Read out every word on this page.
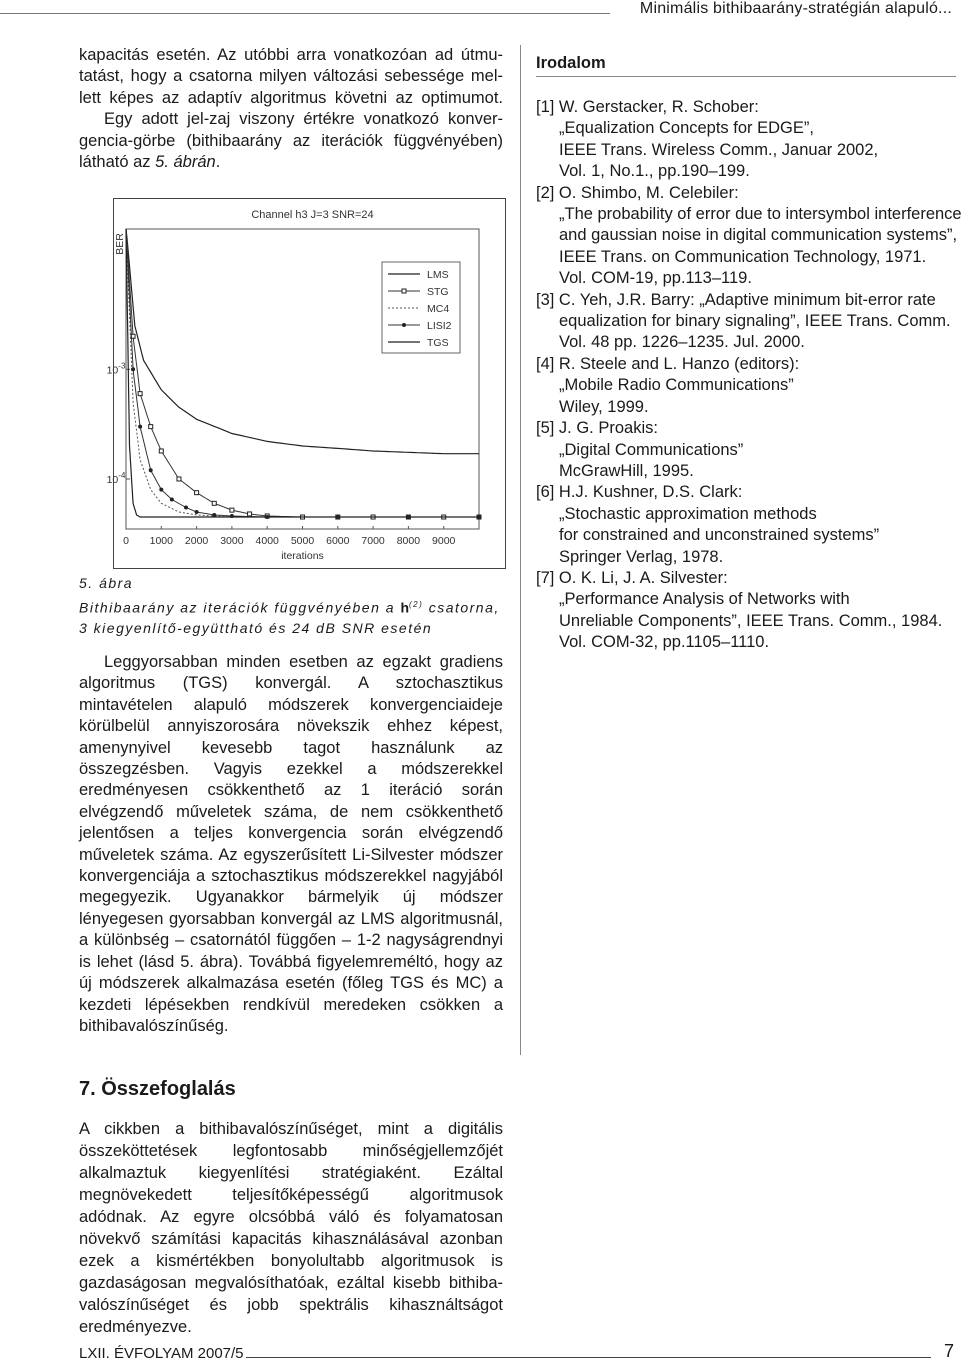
Minimális bithibaarány-stratégián alapuló...
kapacitás esetén. Az utóbbi arra vonatkozóan ad útmu-
tatást, hogy a csatorna milyen változási sebessége mel-
lett képes az adaptív algoritmus követni az optimumot.
Egy adott jel-zaj viszony értékre vonatkozó konver-
gencia-görbe (bithibaarány az iterációk függvényében)
látható az 5. ábrán.
Channel h3 J=3 SNR=24
0 1000 2000 3000 4000 5000 6000 7000 8000 9000
iterations
BER
$10^{-3}$
$10^{-4}$
LMS
STG
MC4
LISI2
TGS
5. ábra
Bithibaarány az iterációk függvényében a $h^{(2)}$ csatorna,
3 kiegyenlítő-együttható és 24 dB SNR esetén
Leggyorsabban minden esetben az egzakt gradiens algoritmus (TGS) konvergál. A sztochasztikus mintavételen alapuló módszerek konvergenciaideje körülbelül annyiszorosára növekszik ehhez képest, amenynyivel kevesebb tagot használunk az összegzésben. Vagyis ezekkel a módszerekkel eredményesen csökkenthető az 1 iteráció során elvégzendő műveletek száma, de nem csökkenthető jelentősen a teljes konvergencia során elvégzendő műveletek száma. Az egyszerűsített Li-Silvester módszer konvergenciája a sztochasztikus módszerekkel nagyjából megegyezik. Ugyanakkor bármelyik új módszer lényegesen gyorsabban konvergál az LMS algoritmusnál, a különbség – csatornától függően – 1-2 nagyságrendnyi is lehet (lásd 5. ábra). Továbbá figyelemreméltó, hogy az új módszerek alkalmazása esetén (főleg TGS és MC) a kezdeti lépésekben rendkívül meredeken csökken a bithibavalószínűség.
7. Összefoglalás
A cikkben a bithibavalószínűséget, mint a digitális összeköttetések legfontosabb minőségjellemzőjét alkalmaztuk kiegyenlítési stratégiaként. Ezáltal megnövekedett teljesítőképességű algoritmusok adódnak. Az egyre olcsóbbá váló és folyamatosan növekvő számítási kapacitás kihasználásával azonban ezek a kismértékben bonyolultabb algoritmusok is gazdaságosan megvalósíthatóak, ezáltal kisebb bithiba-valószínűséget és jobb spektrális kihasználtságot eredményezve.
Irodalom
[1] W. Gerstacker, R. Schober:
„Equalization Concepts for EDGE”,
IEEE Trans. Wireless Comm., Januar 2002,
Vol. 1, No.1., pp.190–199.
[2] O. Shimbo, M. Celebiler:
„The probability of error due to intersymbol interference
and gaussian noise in digital communication systems”,
IEEE Trans. on Communication Technology, 1971.
Vol. COM-19, pp.113–119.
[3] C. Yeh, J.R. Barry: „Adaptive minimum bit-error rate
equalization for binary signaling”, IEEE Trans. Comm.
Vol. 48 pp. 1226–1235. Jul. 2000.
[4] R. Steele and L. Hanzo (editors):
„Mobile Radio Communications”
Wiley, 1999.
[5] J. G. Proakis:
„Digital Communications”
McGrawHill, 1995.
[6] H.J. Kushner, D.S. Clark:
„Stochastic approximation methods
for constrained and unconstrained systems”
Springer Verlag, 1978.
[7] O. K. Li, J. A. Silvester:
„Performance Analysis of Networks with
Unreliable Components”, IEEE Trans. Comm., 1984.
Vol. COM-32, pp.1105–1110.
LXII. ÉVFOLYAM 2007/5	7
